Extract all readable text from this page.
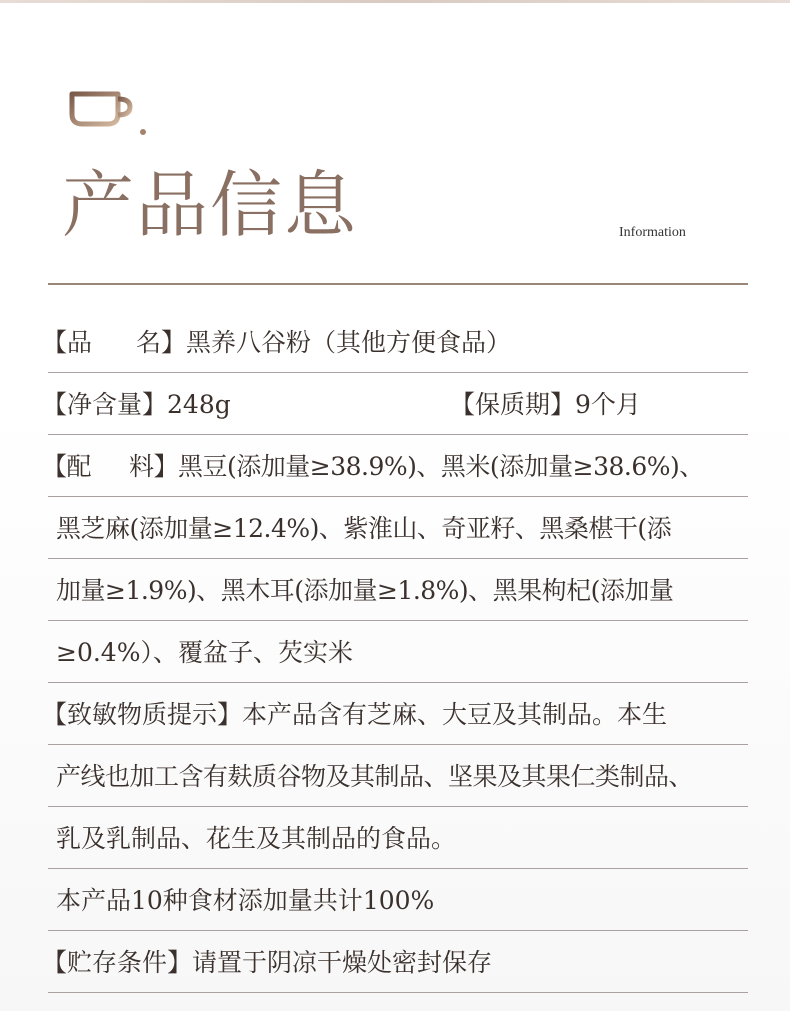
产品信息	Information
【品 名】黑养八谷粉（其他方便食品）
【净含量】248g	【保质期】9个月
【配 料】黑豆(添加量≥38.9%)、黑米(添加量≥38.6%)、
黑芝麻(添加量≥12.4%)、紫淮山、奇亚籽、黑桑椹干(添
加量≥1.9%)、黑木耳(添加量≥1.8%)、黑果枸杞(添加量
≥0.4%）、覆盆子、芡实米
【致敏物质提示】本产品含有芝麻、大豆及其制品。本生
产线也加工含有麸质谷物及其制品、坚果及其果仁类制品、
乳及乳制品、花生及其制品的食品。
本产品10种食材添加量共计100%
【贮存条件】请置于阴凉干燥处密封保存
